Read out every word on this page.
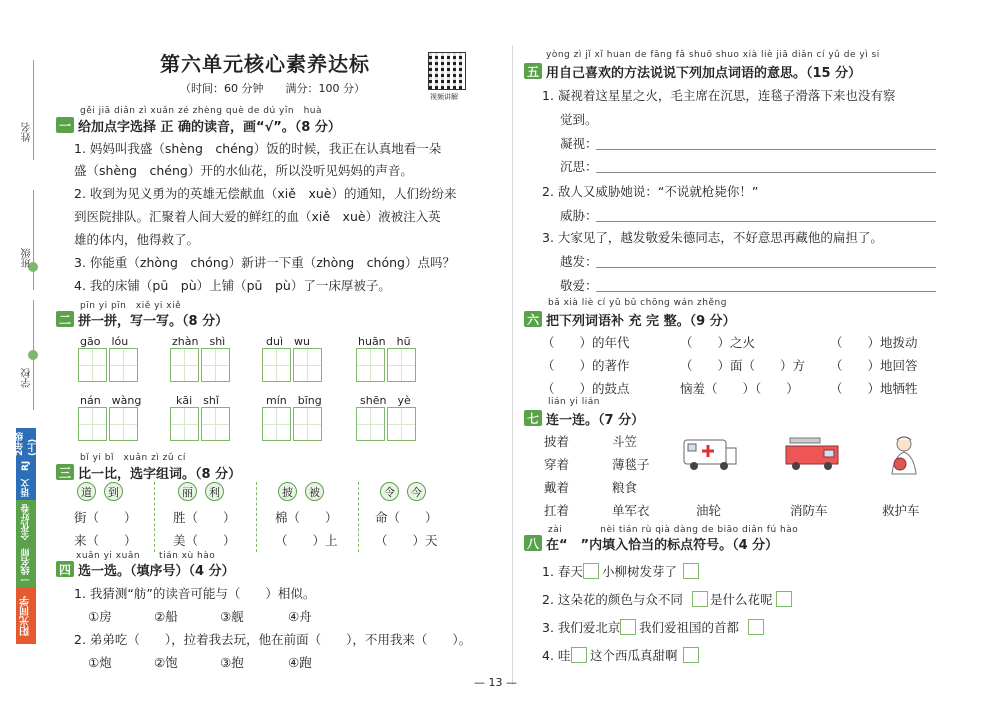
姓名
班级
学校
2年级(上)
RJ
语文
全优好卷
一线名师
阳光同学
第六单元核心素养达标
（时间：60 分钟　　满分：100 分）
视频讲解
gěi jiā diǎn zì xuǎn zé zhèng què de dú yīn　huà
一 给加点字选择 正 确的读音，画“√”。（8 分）
1. 妈妈叫我盛（shèng　chéng）饭的时候，我正在认真地看一朵
盛（shèng　chéng）开的水仙花，所以没听见妈妈的声音。
2. 收到为见义勇为的英雄无偿献血（xiě　xuè）的通知，人们纷纷来
到医院排队。汇聚着人间大爱的鲜红的血（xiě　xuè）液被注入英
雄的体内，他得救了。
3. 你能重（zhòng　chóng）新讲一下重（zhòng　chóng）点吗？
4. 我的床铺（pū　pù）上铺（pū　pù）了一床厚被子。
pīn yi pīn　xiě yi xiě
二 拼一拼，写一写。（8 分）
gāo　lóu	zhàn　shì	duì　wu	huān　hū
nán　wàng	kāi　shǐ	mín　bīng	shēn　yè
bǐ yi bǐ　xuǎn zì zǔ cí
三 比一比，选字组词。（8 分）
道	到
街（　　）
来（　　）
丽	利
胜（　　）
美（　　）
披	被
棉（　　）
（　　）上
令	今
命（　　）
（　　）天
xuǎn yi xuǎn　　tián xù hào
四 选一选。（填序号）（4 分）
1. 我猜测“舫”的读音可能与（　　）相似。
①房	②船	③舰	④舟
2. 弟弟吃（　　），拉着我去玩，他在前面（　　），不用我来（　　）。
①炮	②饱	③抱	④跑
yòng zì jǐ xǐ huan de fāng fǎ shuō shuo xià liè jiā diǎn cí yǔ de yì si
五 用自己喜欢的方法说说下列加点词语的意思。（15 分）
1. 凝视着这星星之火，毛主席在沉思，连毯子滑落下来也没有察
觉到。
凝视：
沉思：
2. 敌人又威胁她说：“不说就枪毙你！”
威胁：
3. 大家见了，越发敬爱朱德同志，不好意思再藏他的扁担了。
越发：
敬爱：
bǎ xià liè cí yǔ bǔ chōng wán zhěng
六 把下列词语补 充 完 整。（9 分）
（　　）的年代	（　　）之火	（　　）地拨动
（　　）的著作	（　　）面（　　）方 （　　）地回答
（　　）的鼓点	恼羞（　　）（　　） （　　）地牺牲
lián yi lián
七 连一连。（7 分）
披着
穿着
戴着
扛着
斗笠
薄毯子
粮食
单军衣	油轮	消防车	救护车
zài　　　　nèi tián rù qià dàng de biāo diǎn fú hào
八 在“　”内填入恰当的标点符号。（4 分）
1. 春天 小柳树发芽了
2. 这朵花的颜色与众不同 是什么花呢
3. 我们爱北京 我们爱祖国的首都
4. 哇 这个西瓜真甜啊
— 13 —
